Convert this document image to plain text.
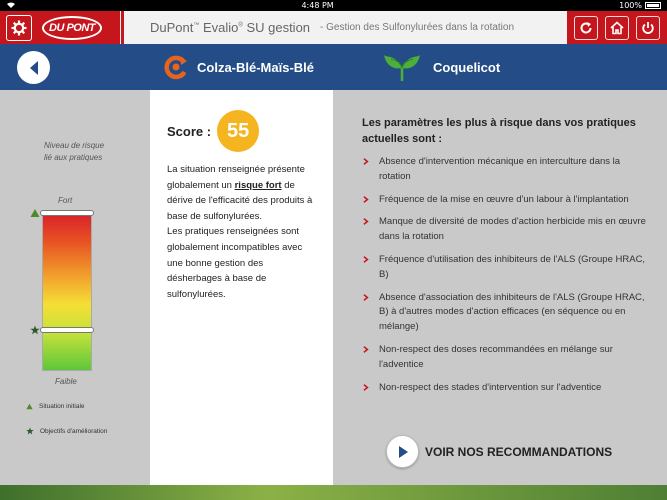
4:48 PM	100%
DU PONT	DuPont™ Evalio® SU gestion - Gestion des Sulfonylurées dans la rotation
Colza-Blé-Maïs-Blé	Coquelicot
Niveau de risque lié aux pratiques
Fort
Faible
Situation initiale
Objectifs d'amélioration
Score : 55
La situation renseignée présente globalement un risque fort de dérive de l'efficacité des produits à base de sulfonylurées.
Les pratiques renseignées sont globalement incompatibles avec une bonne gestion des désherbages à base de sulfonylurées.
Les paramètres les plus à risque dans vos pratiques actuelles sont :
Absence d'intervention mécanique en interculture dans la rotation
Fréquence de la mise en œuvre d'un labour à l'implantation
Manque de diversité de modes d'action herbicide mis en œuvre dans la rotation
Fréquence d'utilisation des inhibiteurs de l'ALS (Groupe HRAC, B)
Absence d'association des inhibiteurs de l'ALS (Groupe HRAC, B) à d'autres modes d'action efficaces (en séquence ou en mélange)
Non-respect des doses recommandées en mélange sur l'adventice
Non-respect des stades d'intervention sur l'adventice
VOIR NOS RECOMMANDATIONS
